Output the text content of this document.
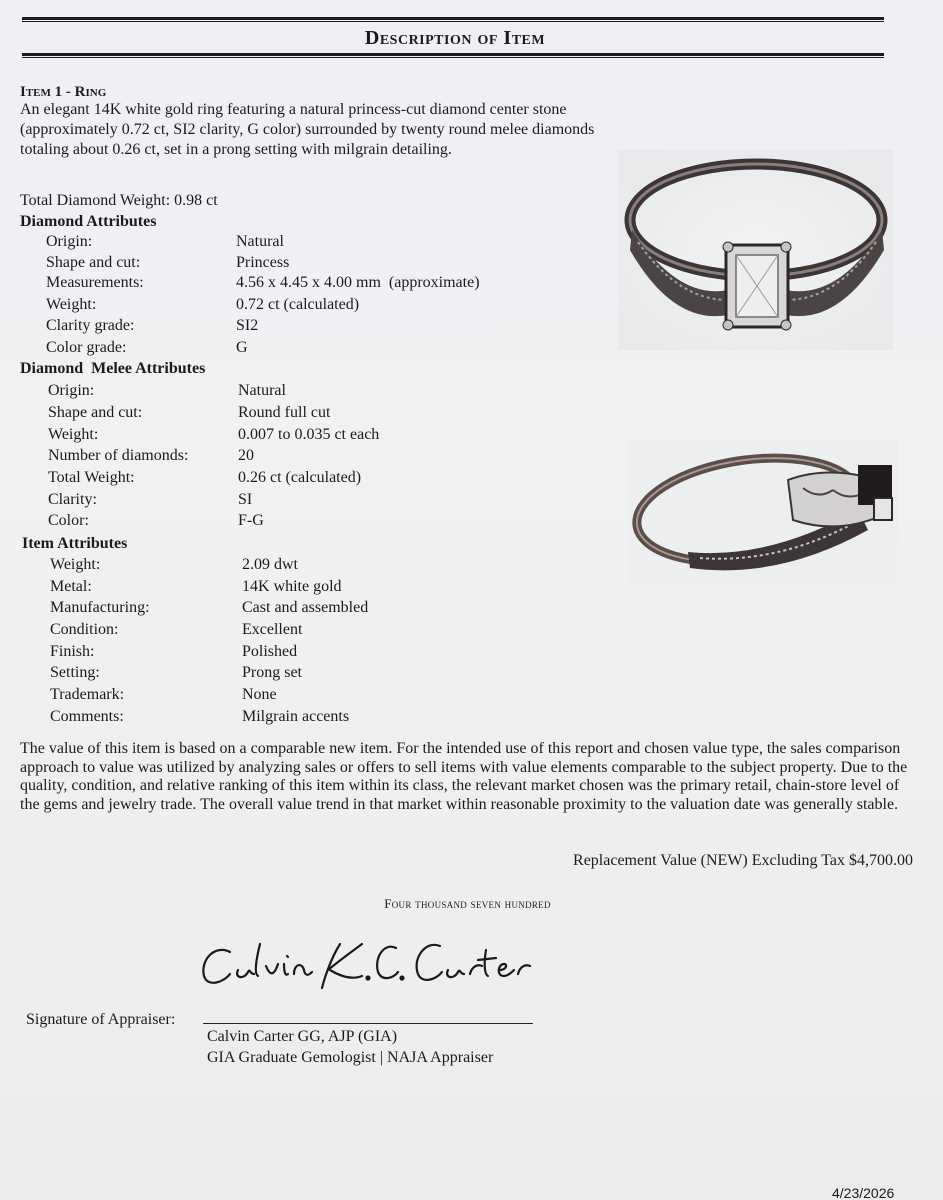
Description of Item
Item 1 - Ring
An elegant 14K white gold ring featuring a natural princess-cut diamond center stone (approximately 0.72 ct, SI2 clarity, G color) surrounded by twenty round melee diamonds totaling about 0.26 ct, set in a prong setting with milgrain detailing.
Total Diamond Weight: 0.98 ct
Diamond Attributes
Origin:	Natural
Shape and cut:	Princess
Measurements:	4.56 x 4.45 x 4.00 mm  (approximate)
Weight:	0.72 ct (calculated)
Clarity grade:	SI2
Color grade:	G
Diamond  Melee Attributes
Origin:	Natural
Shape and cut:	Round full cut
Weight:	0.007 to 0.035 ct each
Number of diamonds:	20
Total Weight:	0.26 ct (calculated)
Clarity:	SI
Color:	F-G
Item Attributes
Weight:	2.09 dwt
Metal:	14K white gold
Manufacturing:	Cast and assembled
Condition:	Excellent
Finish:	Polished
Setting:	Prong set
Trademark:	None
Comments:	Milgrain accents
The value of this item is based on a comparable new item. For the intended use of this report and chosen value type, the sales comparison approach to value was utilized by analyzing sales or offers to sell items with value elements comparable to the subject property. Due to the quality, condition, and relative ranking of this item within its class, the relevant market chosen was the primary retail, chain-store level of the gems and jewelry trade. The overall value trend in that market within reasonable proximity to the valuation date was generally stable.
Replacement Value (NEW) Excluding Tax $4,700.00
Four thousand seven hundred
Signature of Appraiser:
Calvin Carter GG, AJP (GIA)
GIA Graduate Gemologist | NAJA Appraiser
4/23/2026
